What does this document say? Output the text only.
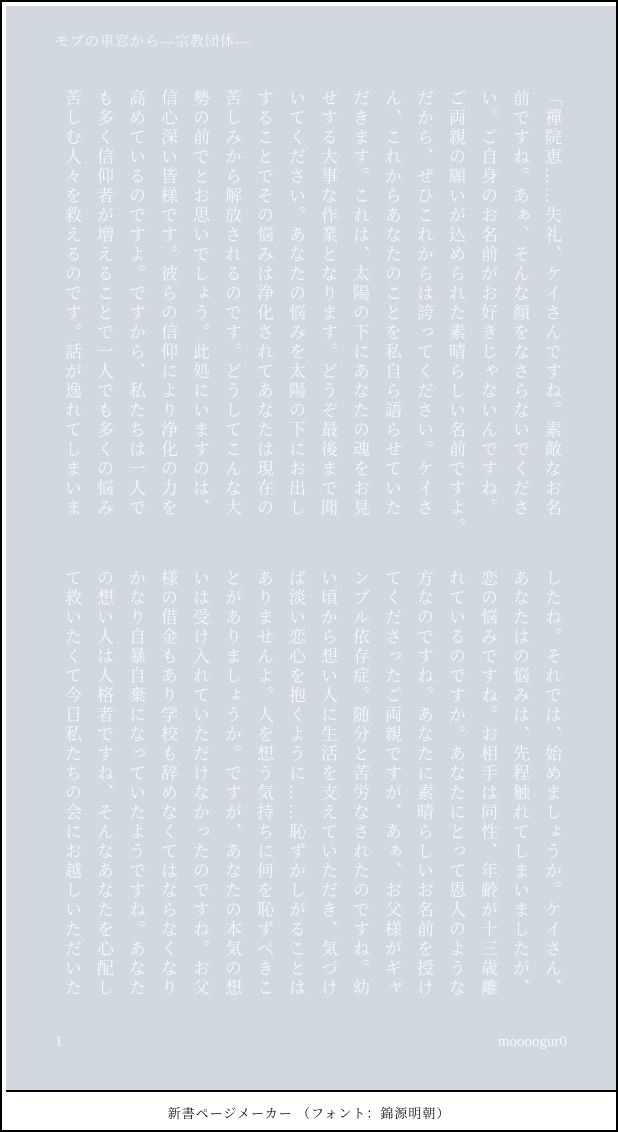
モブの車窓から—宗教団体—
「禪院恵……失礼、ケイさんですね。素敵なお名
前ですね。あぁ、そんな顔をなさらないでくださ
い。ご自身のお名前がお好きじゃないんですね。
ご両親の願いが込められた素晴らしい名前ですよ。
だから、ぜひこれからは誇ってください。ケイさ
ん、これからあなたのことを私自ら語らせていた
だきます。これは、太陽の下にあなたの魂をお見
せする大事な作業となります。どうぞ最後まで聞
いてください。あなたの悩みを太陽の下にお出し
することでその悩みは浄化されてあなたは現在の
苦しみから解放されるのです。どうしてこんな大
勢の前でとお思いでしょう。此処にいますのは、
信心深い皆様です。彼らの信仰により浄化の力を
高めているのですよ。ですから、私たちは一人で
も多く信仰者が増えることで一人でも多くの悩み
苦しむ人々を救えるのです。話が逸れてしまいま
したね。それでは、始めましょうか。ケイさん、
あなたはの悩みは、先程触れてしまいましたが、
恋の悩みですね。お相手は同性、年齢が十三歳離
れているのですか。あなたにとって恩人のような
方なのですね。あなたに素晴らしいお名前を授け
てくださったご両親ですが、あぁ、お父様がギャ
ンブル依存症。随分と苦労なされたのですね。幼
い頃から想い人に生活を支えていただき、気づけ
ば淡い恋心を抱くように……恥ずかしがることは
ありませんよ。人を想う気持ちに何を恥ずべきこ
とがありましょうか。ですが、あなたの本気の想
いは受け入れていただけなかったのですね。お父
様の借金もあり学校も辞めなくてはならなくなり
かなり自暴自棄になっていたようですね。あなた
の想い人は人格者ですね、そんなあなたを心配し
て救いたくて今日私たちの会にお越しいただいた
1	moooogur0
新書ページメーカー （フォント：錦源明朝）
